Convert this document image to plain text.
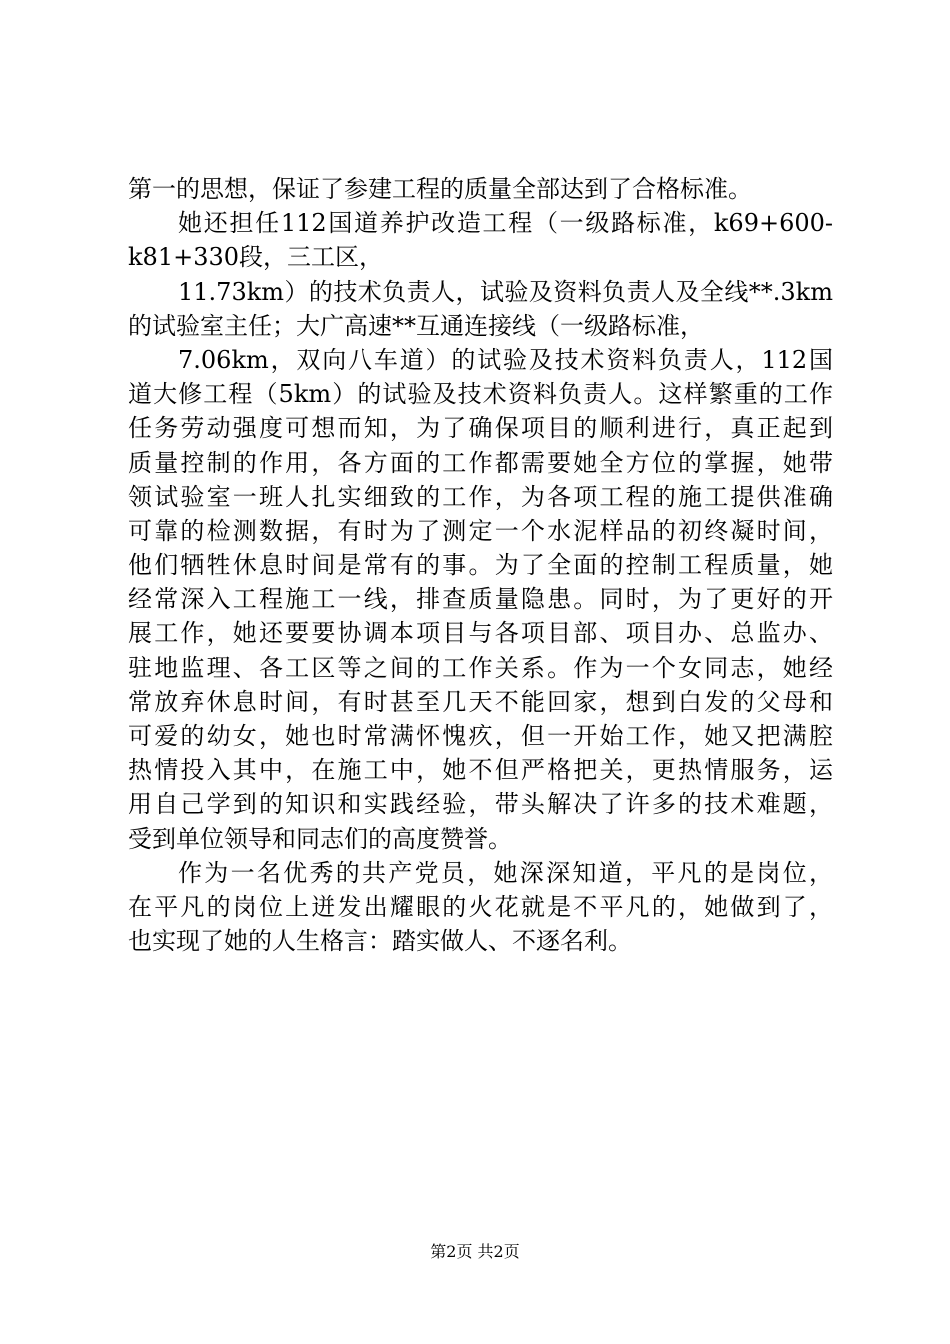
第一的思想，保证了参建工程的质量全部达到了合格标准。
她还担任112国道养护改造工程（一级路标准，k69+600-
k81+330段，三工区，
11.73km）的技术负责人，试验及资料负责人及全线**.3km
的试验室主任；大广高速**互通连接线（一级路标准，
7.06km，双向八车道）的试验及技术资料负责人，112国
道大修工程（5km）的试验及技术资料负责人。这样繁重的工作
任务劳动强度可想而知，为了确保项目的顺利进行，真正起到
质量控制的作用，各方面的工作都需要她全方位的掌握，她带
领试验室一班人扎实细致的工作，为各项工程的施工提供准确
可靠的检测数据，有时为了测定一个水泥样品的初终凝时间，
他们牺牲休息时间是常有的事。为了全面的控制工程质量，她
经常深入工程施工一线，排查质量隐患。同时，为了更好的开
展工作，她还要要协调本项目与各项目部、项目办、总监办、
驻地监理、各工区等之间的工作关系。作为一个女同志，她经
常放弃休息时间，有时甚至几天不能回家，想到白发的父母和
可爱的幼女，她也时常满怀愧疚，但一开始工作，她又把满腔
热情投入其中，在施工中，她不但严格把关，更热情服务，运
用自己学到的知识和实践经验，带头解决了许多的技术难题，
受到单位领导和同志们的高度赞誉。
作为一名优秀的共产党员，她深深知道，平凡的是岗位，
在平凡的岗位上迸发出耀眼的火花就是不平凡的，她做到了，
也实现了她的人生格言：踏实做人、不逐名利。
第2页 共2页
